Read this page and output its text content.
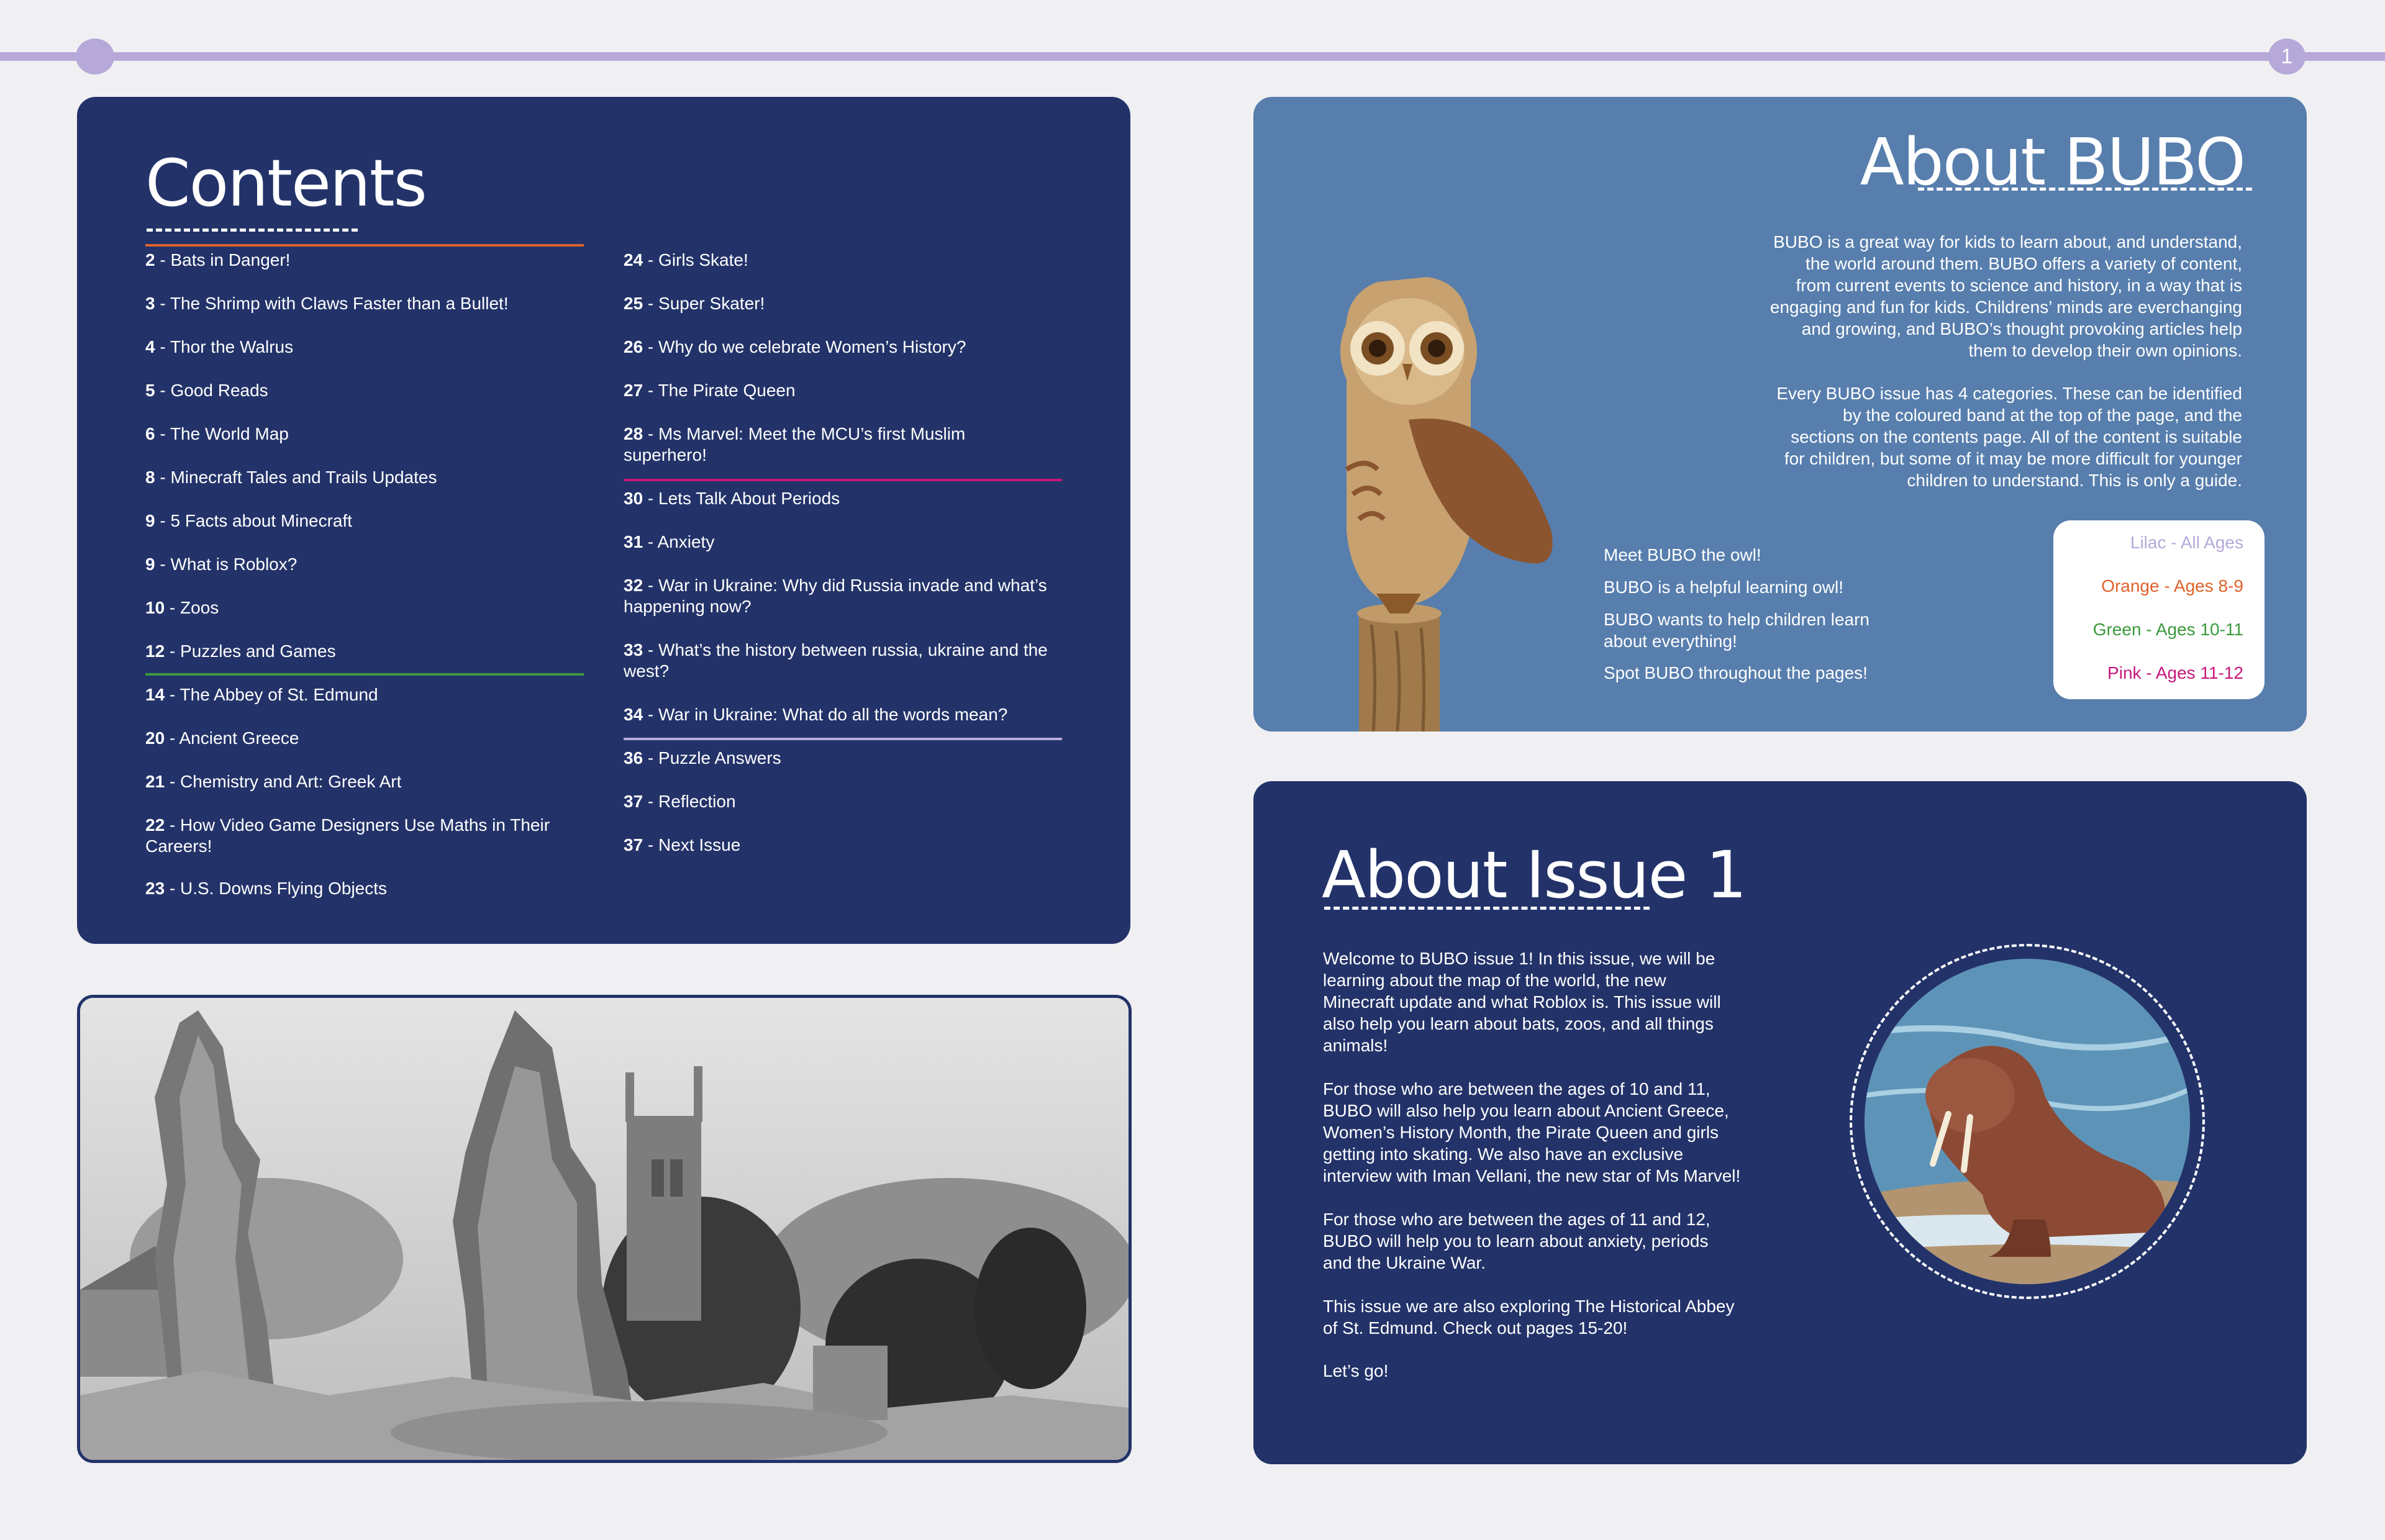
1
Contents
2 - Bats in Danger!
3 - The Shrimp with Claws Faster than a Bullet!
4 - Thor the Walrus
5 - Good Reads
6 - The World Map
8 - Minecraft Tales and Trails Updates
9 - 5 Facts about Minecraft
9 - What is Roblox?
10 - Zoos
12 - Puzzles and Games
14 - The Abbey of St. Edmund
20 - Ancient Greece
21 - Chemistry and Art: Greek Art
22 - How Video Game Designers Use Maths in Their Careers!
23 - U.S. Downs Flying Objects
24 - Girls Skate!
25 - Super Skater!
26 - Why do we celebrate Women’s History?
27 - The Pirate Queen
28 - Ms Marvel: Meet the MCU’s first Muslim superhero!
30 - Lets Talk About Periods
31 - Anxiety
32 - War in Ukraine: Why did Russia invade and what’s happening now?
33 - What’s the history between russia, ukraine and the west?
34 - War in Ukraine: What do all the words mean?
36 - Puzzle Answers
37 - Reflection
37 - Next Issue
About BUBO
BUBO is a great way for kids to learn about, and understand,
the world around them. BUBO offers a variety of content,
from current events to science and history, in a way that is
engaging and fun for kids. Childrens’ minds are everchanging
and growing, and BUBO’s thought provoking articles help
them to develop their own opinions.
Every BUBO issue has 4 categories. These can be identified
by the coloured band at the top of the page, and the
sections on the contents page. All of the content is suitable
for children, but some of it may be more difficult for younger
children to understand. This is only a guide.

Meet BUBO the owl!

BUBO is a helpful learning owl!

BUBO wants to help children learn
about everything!

Spot BUBO throughout the pages!

Lilac - All Ages
Orange - Ages 8-9
Green - Ages 10-11
Pink - Ages 11-12
About Issue 1
Welcome to BUBO issue 1! In this issue, we will be
learning about the map of the world, the new
Minecraft update and what Roblox is. This issue will
also help you learn about bats, zoos, and all things
animals!
For those who are between the ages of 10 and 11,
BUBO will also help you learn about Ancient Greece,
Women’s History Month, the Pirate Queen and girls
getting into skating. We also have an exclusive
interview with Iman Vellani, the new star of Ms Marvel!
For those who are between the ages of 11 and 12,
BUBO will help you to learn about anxiety, periods
and the Ukraine War.
This issue we are also exploring The Historical Abbey
of St. Edmund. Check out pages 15-20!
Let’s go!
